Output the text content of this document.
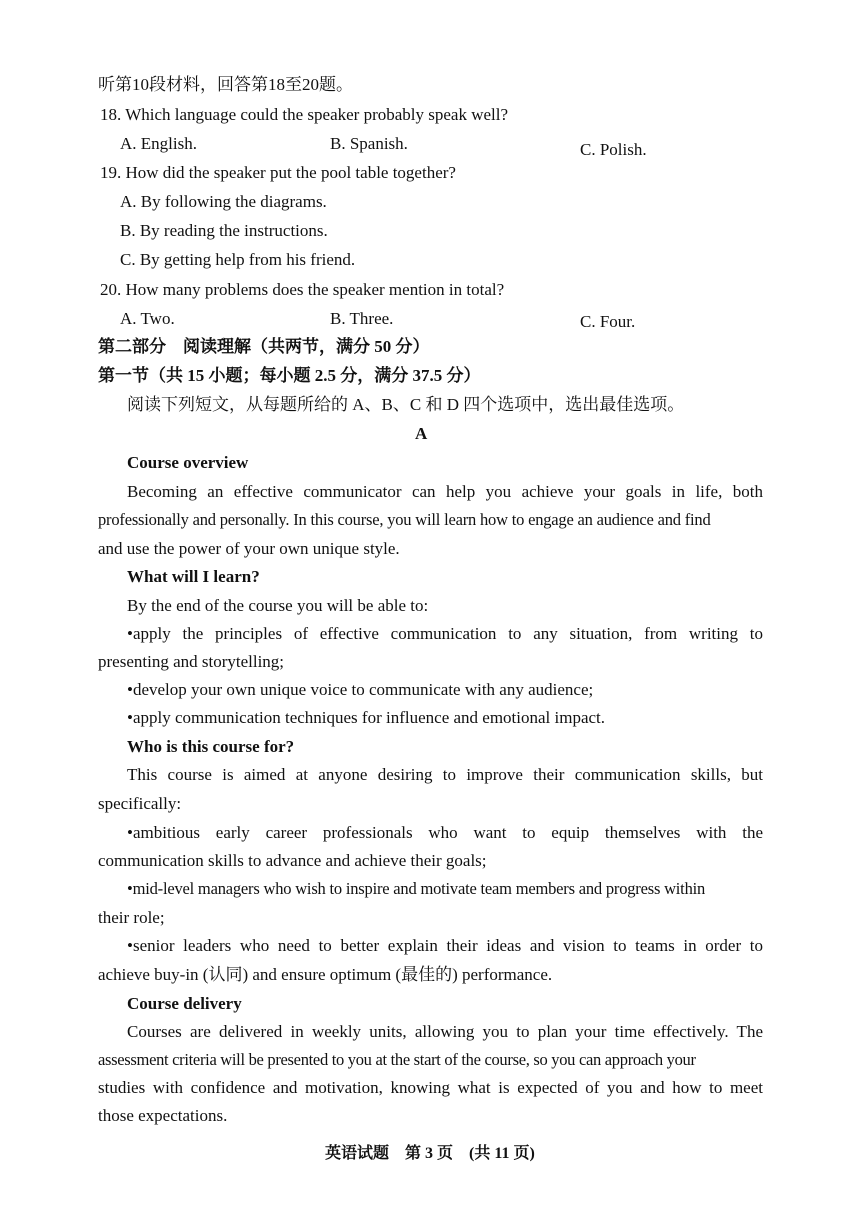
听第10段材料，回答第18至20题。
18. Which language could the speaker probably speak well?
A. English.	B. Spanish.	C. Polish.
19. How did the speaker put the pool table together?
A. By following the diagrams.
B. By reading the instructions.
C. By getting help from his friend.
20. How many problems does the speaker mention in total?
A. Two.	B. Three.	C. Four.
第二部分　阅读理解（共两节，满分 50 分）
第一节（共 15 小题；每小题 2.5 分，满分 37.5 分）
阅读下列短文，从每题所给的 A、B、C 和 D 四个选项中，选出最佳选项。
A
Course overview
Becoming an effective communicator can help you achieve your goals in life, both
professionally and personally. In this course, you will learn how to engage an audience and find
and use the power of your own unique style.
What will I learn?
By the end of the course you will be able to:
•apply the principles of effective communication to any situation, from writing to
presenting and storytelling;
•develop your own unique voice to communicate with any audience;
•apply communication techniques for influence and emotional impact.
Who is this course for?
This course is aimed at anyone desiring to improve their communication skills, but
specifically:
•ambitious early career professionals who want to equip themselves with the
communication skills to advance and achieve their goals;
•mid-level managers who wish to inspire and motivate team members and progress within
their role;
•senior leaders who need to better explain their ideas and vision to teams in order to
achieve buy-in (认同) and ensure optimum (最佳的) performance.
Course delivery
Courses are delivered in weekly units, allowing you to plan your time effectively. The
assessment criteria will be presented to you at the start of the course, so you can approach your
studies with confidence and motivation, knowing what is expected of you and how to meet
those expectations.
英语试题　第 3 页　(共 11 页)
